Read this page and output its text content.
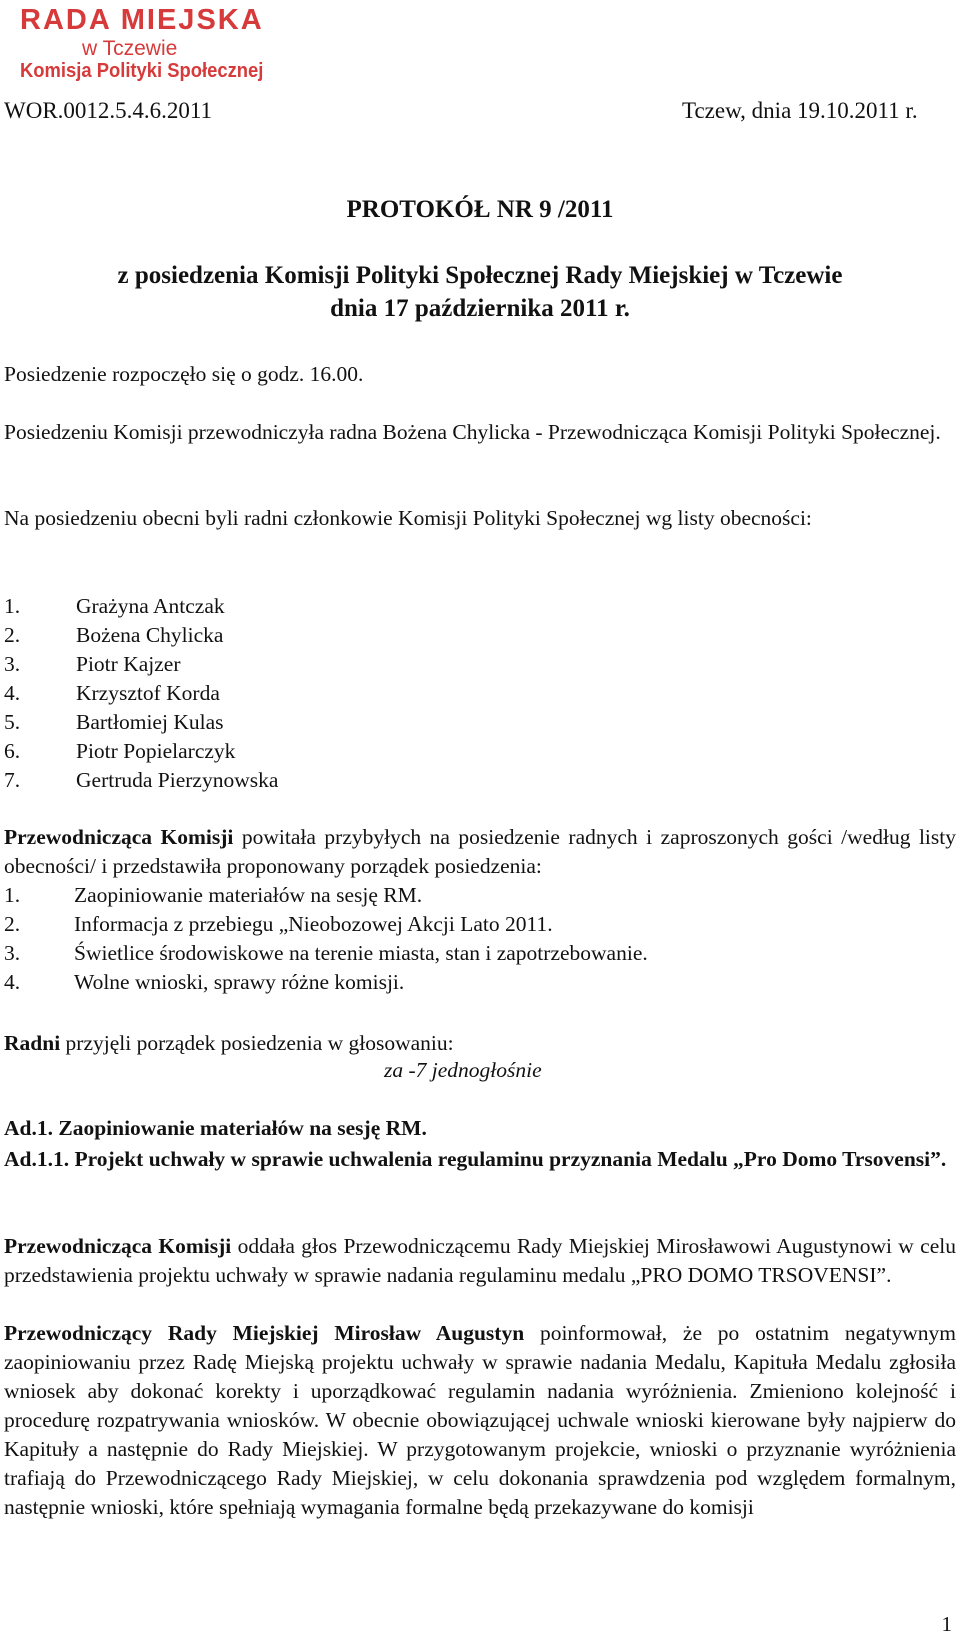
RADA MIEJSKA
w Tczewie
Komisja Polityki Społecznej
WOR.0012.5.4.6.2011	Tczew, dnia 19.10.2011 r.
PROTOKÓŁ NR 9 /2011
z posiedzenia Komisji Polityki Społecznej Rady Miejskiej w Tczewie
dnia 17 października 2011 r.
Posiedzenie rozpoczęło się o godz. 16.00.
Posiedzeniu Komisji przewodniczyła radna Bożena Chylicka - Przewodnicząca Komisji Polityki Społecznej.
Na posiedzeniu obecni byli radni członkowie Komisji Polityki Społecznej wg listy obecności:
1.	Grażyna Antczak
2.	Bożena Chylicka
3.	Piotr Kajzer
4.	Krzysztof Korda
5.	Bartłomiej Kulas
6.	Piotr Popielarczyk
7.	Gertruda Pierzynowska
Przewodnicząca Komisji powitała przybyłych na posiedzenie radnych i zaproszonych gości /według listy obecności/ i przedstawiła proponowany porządek posiedzenia:
1.	Zaopiniowanie materiałów na sesję RM.
2.	Informacja z przebiegu „Nieobozowej Akcji Lato 2011.
3.	Świetlice środowiskowe na terenie miasta, stan i zapotrzebowanie.
4.	Wolne wnioski, sprawy różne komisji.
Radni przyjęli porządek posiedzenia w głosowaniu:
za -7 jednogłośnie
Ad.1. Zaopiniowanie materiałów na sesję RM.
Ad.1.1. Projekt uchwały w sprawie uchwalenia regulaminu przyznania Medalu „Pro Domo Trsovensi”.
Przewodnicząca Komisji oddała głos Przewodniczącemu Rady Miejskiej Mirosławowi Augustynowi w celu przedstawienia projektu uchwały w sprawie nadania regulaminu medalu „PRO DOMO TRSOVENSI”.
Przewodniczący Rady Miejskiej Mirosław Augustyn poinformował, że po ostatnim negatywnym zaopiniowaniu przez Radę Miejską projektu uchwały w sprawie nadania Medalu, Kapituła Medalu zgłosiła wniosek aby dokonać korekty i uporządkować regulamin nadania wyróżnienia. Zmieniono kolejność i procedurę rozpatrywania wniosków. W obecnie obowiązującej uchwale wnioski kierowane były najpierw do Kapituły a następnie do Rady Miejskiej. W przygotowanym projekcie, wnioski o przyznanie wyróżnienia trafiają do Przewodniczącego Rady Miejskiej, w celu dokonania sprawdzenia pod względem formalnym, następnie wnioski, które spełniają wymagania formalne będą przekazywane do komisji
1
